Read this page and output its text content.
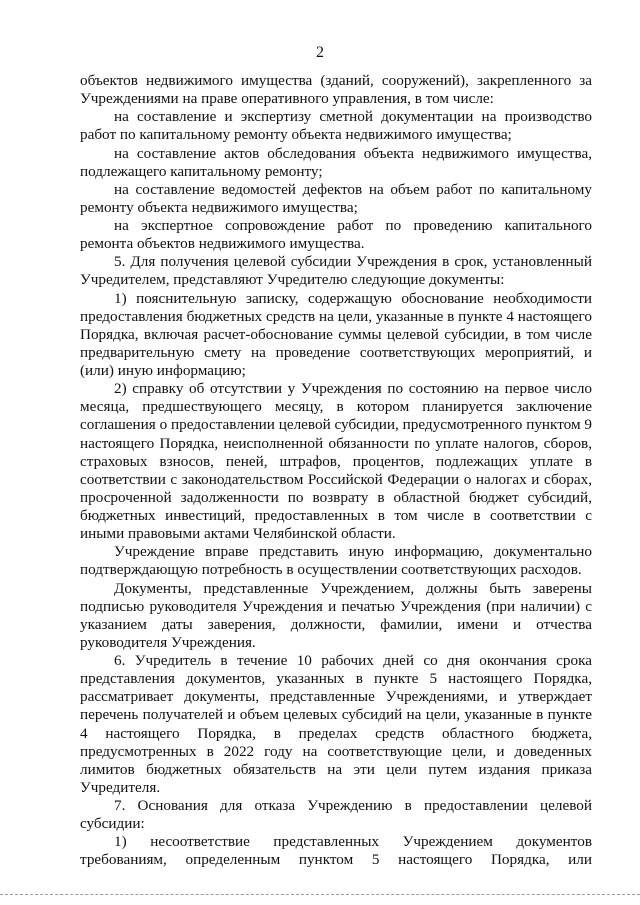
2

объектов недвижимого имущества (зданий, сооружений), закрепленного за Учреждениями на праве оперативного управления, в том числе:

на составление и экспертизу сметной документации на производство работ по капитальному ремонту объекта недвижимого имущества;

на составление актов обследования объекта недвижимого имущества, подлежащего капитальному ремонту;

на составление ведомостей дефектов на объем работ по капитальному ремонту объекта недвижимого имущества;

на экспертное сопровождение работ по проведению капитального ремонта объектов недвижимого имущества.

5. Для получения целевой субсидии Учреждения в срок, установленный Учредителем, представляют Учредителю следующие документы:

1) пояснительную записку, содержащую обоснование необходимости предоставления бюджетных средств на цели, указанные в пункте 4 настоящего Порядка, включая расчет-обоснование суммы целевой субсидии, в том числе предварительную смету на проведение соответствующих мероприятий, и (или) иную информацию;

2) справку об отсутствии у Учреждения по состоянию на первое число месяца, предшествующего месяцу, в котором планируется заключение соглашения о предоставлении целевой субсидии, предусмотренного пунктом 9 настоящего Порядка, неисполненной обязанности по уплате налогов, сборов, страховых взносов, пеней, штрафов, процентов, подлежащих уплате в соответствии с законодательством Российской Федерации о налогах и сборах, просроченной задолженности по возврату в областной бюджет субсидий, бюджетных инвестиций, предоставленных в том числе в соответствии с иными правовыми актами Челябинской области.

Учреждение вправе представить иную информацию, документально подтверждающую потребность в осуществлении соответствующих расходов.

Документы, представленные Учреждением, должны быть заверены подписью руководителя Учреждения и печатью Учреждения (при наличии) с указанием даты заверения, должности, фамилии, имени и отчества руководителя Учреждения.

6. Учредитель в течение 10 рабочих дней со дня окончания срока представления документов, указанных в пункте 5 настоящего Порядка, рассматривает документы, представленные Учреждениями, и утверждает перечень получателей и объем целевых субсидий на цели, указанные в пункте 4 настоящего Порядка, в пределах средств областного бюджета, предусмотренных в 2022 году на соответствующие цели, и доведенных лимитов бюджетных обязательств на эти цели путем издания приказа Учредителя.

7. Основания для отказа Учреждению в предоставлении целевой субсидии:

1) несоответствие представленных Учреждением документов требованиям, определенным пунктом 5 настоящего Порядка, или
